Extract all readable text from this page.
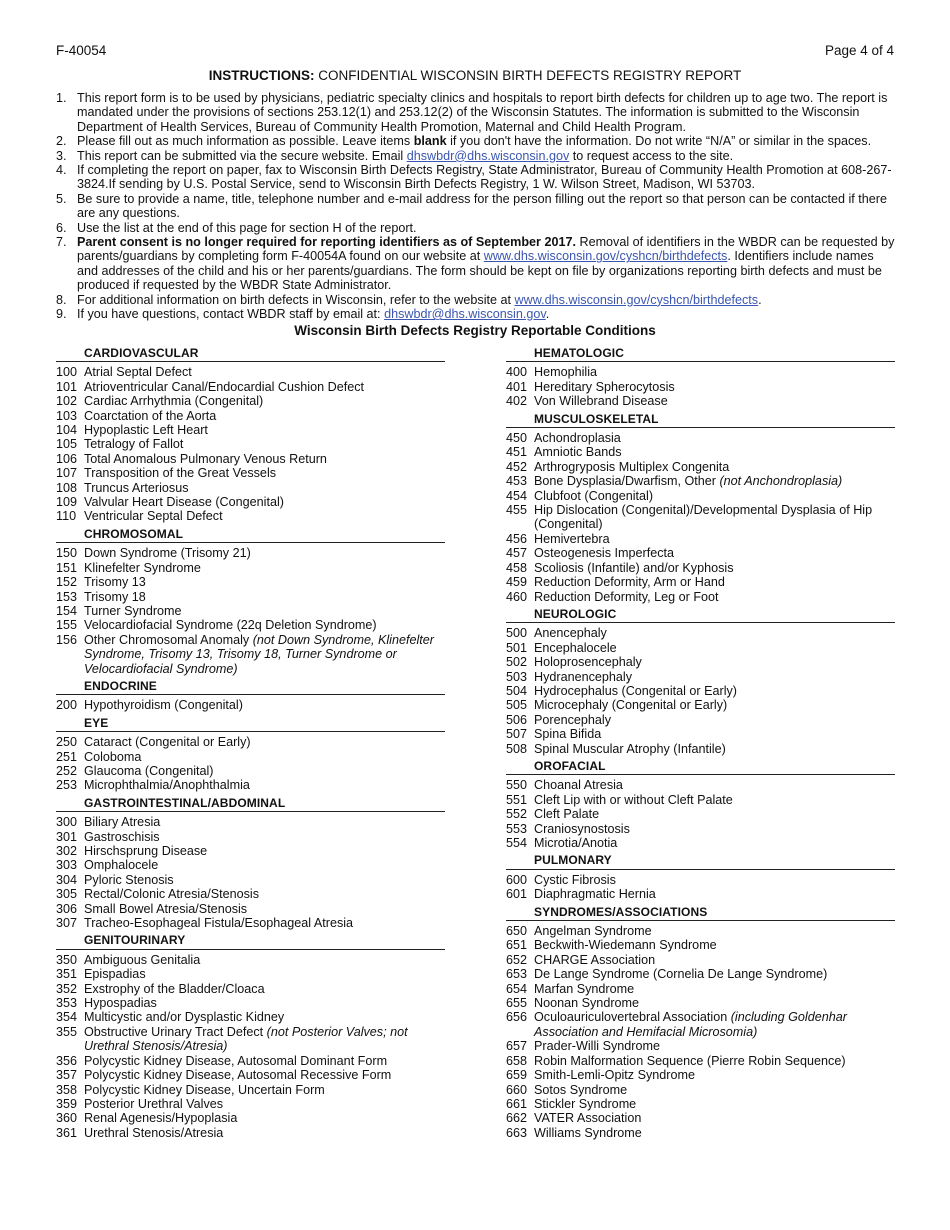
F-40054	Page 4 of 4
INSTRUCTIONS: CONFIDENTIAL WISCONSIN BIRTH DEFECTS REGISTRY REPORT
1. This report form is to be used by physicians, pediatric specialty clinics and hospitals to report birth defects for children up to age two. The report is mandated under the provisions of sections 253.12(1) and 253.12(2) of the Wisconsin Statutes. The information is submitted to the Wisconsin Department of Health Services, Bureau of Community Health Promotion, Maternal and Child Health Program.
2. Please fill out as much information as possible. Leave items blank if you don't have the information. Do not write “N/A” or similar in the spaces.
3. This report can be submitted via the secure website. Email dhswbdr@dhs.wisconsin.gov to request access to the site.
4. If completing the report on paper, fax to Wisconsin Birth Defects Registry, State Administrator, Bureau of Community Health Promotion at 608-267-3824.If sending by U.S. Postal Service, send to Wisconsin Birth Defects Registry, 1 W. Wilson Street, Madison, WI 53703.
5. Be sure to provide a name, title, telephone number and e-mail address for the person filling out the report so that person can be contacted if there are any questions.
6. Use the list at the end of this page for section H of the report.
7. Parent consent is no longer required for reporting identifiers as of September 2017. Removal of identifiers in the WBDR can be requested by parents/guardians by completing form F-40054A found on our website at www.dhs.wisconsin.gov/cyshcn/birthdefects. Identifiers include names and addresses of the child and his or her parents/guardians. The form should be kept on file by organizations reporting birth defects and must be produced if requested by the WBDR State Administrator.
8. For additional information on birth defects in Wisconsin, refer to the website at www.dhs.wisconsin.gov/cyshcn/birthdefects.
9. If you have questions, contact WBDR staff by email at: dhswbdr@dhs.wisconsin.gov.
Wisconsin Birth Defects Registry Reportable Conditions
CARDIOVASCULAR
100 Atrial Septal Defect
101 Atrioventricular Canal/Endocardial Cushion Defect
102 Cardiac Arrhythmia (Congenital)
103 Coarctation of the Aorta
104 Hypoplastic Left Heart
105 Tetralogy of Fallot
106 Total Anomalous Pulmonary Venous Return
107 Transposition of the Great Vessels
108 Truncus Arteriosus
109 Valvular Heart Disease (Congenital)
110 Ventricular Septal Defect
CHROMOSOMAL
150 Down Syndrome (Trisomy 21)
151 Klinefelter Syndrome
152 Trisomy 13
153 Trisomy 18
154 Turner Syndrome
155 Velocardiofacial Syndrome (22q Deletion Syndrome)
156 Other Chromosomal Anomaly (not Down Syndrome, Klinefelter Syndrome, Trisomy 13, Trisomy 18, Turner Syndrome or Velocardiofacial Syndrome)
ENDOCRINE
200 Hypothyroidism (Congenital)
EYE
250 Cataract (Congenital or Early)
251 Coloboma
252 Glaucoma (Congenital)
253 Microphthalmia/Anophthalmia
GASTROINTESTINAL/ABDOMINAL
300 Biliary Atresia
301 Gastroschisis
302 Hirschsprung Disease
303 Omphalocele
304 Pyloric Stenosis
305 Rectal/Colonic Atresia/Stenosis
306 Small Bowel Atresia/Stenosis
307 Tracheo-Esophageal Fistula/Esophageal Atresia
GENITOURINARY
350 Ambiguous Genitalia
351 Epispadias
352 Exstrophy of the Bladder/Cloaca
353 Hypospadias
354 Multicystic and/or Dysplastic Kidney
355 Obstructive Urinary Tract Defect (not Posterior Valves; not Urethral Stenosis/Atresia)
356 Polycystic Kidney Disease, Autosomal Dominant Form
357 Polycystic Kidney Disease, Autosomal Recessive Form
358 Polycystic Kidney Disease, Uncertain Form
359 Posterior Urethral Valves
360 Renal Agenesis/Hypoplasia
361 Urethral Stenosis/Atresia
HEMATOLOGIC
400 Hemophilia
401 Hereditary Spherocytosis
402 Von Willebrand Disease
MUSCULOSKELETAL
450 Achondroplasia
451 Amniotic Bands
452 Arthrogryposis Multiplex Congenita
453 Bone Dysplasia/Dwarfism, Other (not Anchondroplasia)
454 Clubfoot (Congenital)
455 Hip Dislocation (Congenital)/Developmental Dysplasia of Hip (Congenital)
456 Hemivertebra
457 Osteogenesis Imperfecta
458 Scoliosis (Infantile) and/or Kyphosis
459 Reduction Deformity, Arm or Hand
460 Reduction Deformity, Leg or Foot
NEUROLOGIC
500 Anencephaly
501 Encephalocele
502 Holoprosencephaly
503 Hydranencephaly
504 Hydrocephalus (Congenital or Early)
505 Microcephaly (Congenital or Early)
506 Porencephaly
507 Spina Bifida
508 Spinal Muscular Atrophy (Infantile)
OROFACIAL
550 Choanal Atresia
551 Cleft Lip with or without Cleft Palate
552 Cleft Palate
553 Craniosynostosis
554 Microtia/Anotia
PULMONARY
600 Cystic Fibrosis
601 Diaphragmatic Hernia
SYNDROMES/ASSOCIATIONS
650 Angelman Syndrome
651 Beckwith-Wiedemann Syndrome
652 CHARGE Association
653 De Lange Syndrome (Cornelia De Lange Syndrome)
654 Marfan Syndrome
655 Noonan Syndrome
656 Oculoauriculovertebral Association (including Goldenhar Association and Hemifacial Microsomia)
657 Prader-Willi Syndrome
658 Robin Malformation Sequence (Pierre Robin Sequence)
659 Smith-Lemli-Opitz Syndrome
660 Sotos Syndrome
661 Stickler Syndrome
662 VATER Association
663 Williams Syndrome
